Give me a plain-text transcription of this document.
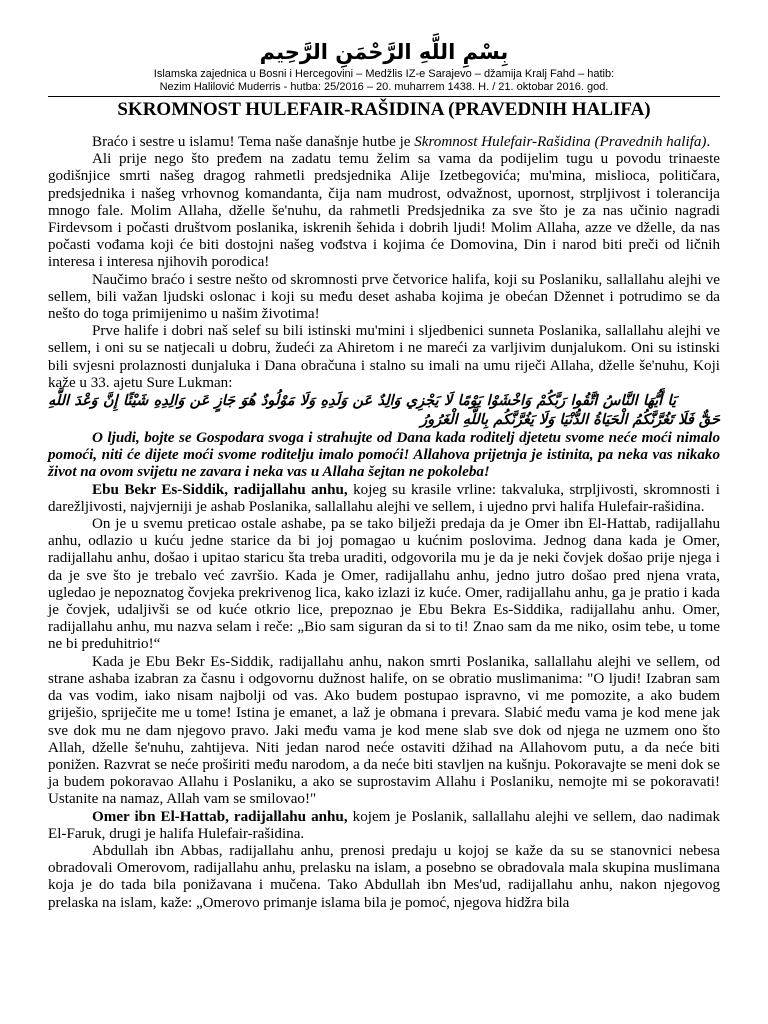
بِسْمِ اللَّهِ الرَّحْمَنِ الرَّحِيم
Islamska zajednica u Bosni i Hercegovini – Medžlis IZ-e Sarajevo – džamija Kralj Fahd – hatib:
Nezim Halilović Muderris - hutba: 25/2016 – 20. muharrem 1438. H. / 21. oktobar 2016. god.
SKROMNOST HULEFAIR-RAŠIDINA (PRAVEDNIH HALIFA)

Braćo i sestre u islamu! Tema naše današnje hutbe je Skromnost Hulefair-Rašidina (Pravednih halifa).

Ali prije nego što pređem na zadatu temu želim sa vama da podijelim tugu u povodu trinaeste godišnjice smrti našeg dragog rahmetli predsjednika Alije Izetbegovića; mu'mina, mislioca, političara, predsjednika i našeg vrhovnog komandanta, čija nam mudrost, odvažnost, upornost, strpljivost i tolerancija mnogo fale. Molim Allaha, dželle še'nuhu, da rahmetli Predsjednika za sve što je za nas učinio nagradi Firdevsom i počasti društvom poslanika, iskrenih šehida i dobrih ljudi! Molim Allaha, azze ve dželle, da nas počasti vođama koji će biti dostojni našeg vođstva i kojima će Domovina, Din i narod biti preči od ličnih interesa i interesa njihovih porodica!

Naučimo braćo i sestre nešto od skromnosti prve četvorice halifa, koji su Poslaniku, sallallahu alejhi ve sellem, bili važan ljudski oslonac i koji su među deset ashaba kojima je obećan Džennet i potrudimo se da nešto do toga primijenimo u našim životima!

Prve halife i dobri naš selef su bili istinski mu'mini i sljedbenici sunneta Poslanika, sallallahu alejhi ve sellem, i oni su se natjecali u dobru, žudeći za Ahiretom i ne mareći za varljivim dunjalukom. Oni su istinski bili svjesni prolaznosti dunjaluka i Dana obračuna i stalno su imali na umu riječi Allaha, dželle še'nuhu, Koji kaže u 33. ajetu Sure Lukman:

يَا أَيُّهَا النَّاسُ اتَّقُوا رَبَّكُمْ وَاخْشَوْا يَوْمًا لَا يَجْزِي وَالِدٌ عَن وَلَدِهِ وَلَا مَوْلُودٌ هُوَ جَازٍ عَن وَالِدِهِ شَيْئًا إِنَّ وَعْدَ اللَّهِ حَقٌّ فَلَا تَغُرَّنَّكُمُ الْحَيَاةُ الدُّنْيَا وَلَا يَغُرَّنَّكُم بِاللَّهِ الْغَرُورُ

O ljudi, bojte se Gospodara svoga i strahujte od Dana kada roditelj djetetu svome neće moći nimalo pomoći, niti će dijete moći svome roditelju imalo pomoći! Allahova prijetnja je istinita, pa neka vas nikako život na ovom svijetu ne zavara i neka vas u Allaha šejtan ne pokoleba!

Ebu Bekr Es-Siddik, radijallahu anhu, kojeg su krasile vrline: takvaluka, strpljivosti, skromnosti i darežljivosti, najvjerniji je ashab Poslanika, sallallahu alejhi ve sellem, i ujedno prvi halifa Hulefair-rašidina.

On je u svemu preticao ostale ashabe, pa se tako bilježi predaja da je Omer ibn El-Hattab, radijallahu anhu, odlazio u kuću jedne starice da bi joj pomagao u kućnim poslovima. Jednog dana kada je Omer, radijallahu anhu, došao i upitao staricu šta treba uraditi, odgovorila mu je da je neki čovjek došao prije njega i da je sve što je trebalo već završio. Kada je Omer, radijallahu anhu, jedno jutro došao pred njena vrata, ugledao je nepoznatog čovjeka prekrivenog lica, kako izlazi iz kuće. Omer, radijallahu anhu, ga je pratio i kada je čovjek, udaljivši se od kuće otkrio lice, prepoznao je Ebu Bekra Es-Siddika, radijallahu anhu. Omer, radijallahu anhu, mu nazva selam i reče: „Bio sam siguran da si to ti! Znao sam da me niko, osim tebe, u tome ne bi preduhitrio!“

Kada je Ebu Bekr Es-Siddik, radijallahu anhu, nakon smrti Poslanika, sallallahu alejhi ve sellem, od strane ashaba izabran za časnu i odgovornu dužnost halife, on se obratio muslimanima: "O ljudi! Izabran sam da vas vodim, iako nisam najbolji od vas. Ako budem postupao ispravno, vi me pomozite, a ako budem griješio, spriječite me u tome! Istina je emanet, a laž je obmana i prevara. Slabić među vama je kod mene jak sve dok mu ne dam njegovo pravo. Jaki među vama je kod mene slab sve dok od njega ne uzmem ono što Allah, dželle še'nuhu, zahtijeva. Niti jedan narod neće ostaviti džihad na Allahovom putu, a da neće biti ponižen. Razvrat se neće proširiti među narodom, a da neće biti stavljen na kušnju. Pokoravajte se meni dok se ja budem pokoravao Allahu i Poslaniku, a ako se suprostavim Allahu i Poslaniku, nemojte mi se pokoravati! Ustanite na namaz, Allah vam se smilovao!"

Omer ibn El-Hattab, radijallahu anhu, kojem je Poslanik, sallallahu alejhi ve sellem, dao nadimak El-Faruk, drugi je halifa Hulefair-rašidina.

Abdullah ibn Abbas, radijallahu anhu, prenosi predaju u kojoj se kaže da su se stanovnici nebesa obradovali Omerovom, radijallahu anhu, prelasku na islam, a posebno se obradovala mala skupina muslimana koja je do tada bila ponižavana i mučena. Tako Abdullah ibn Mes'ud, radijallahu anhu, nakon njegovog prelaska na islam, kaže: „Omerovo primanje islama bila je pomoć, njegova hidžra bila
